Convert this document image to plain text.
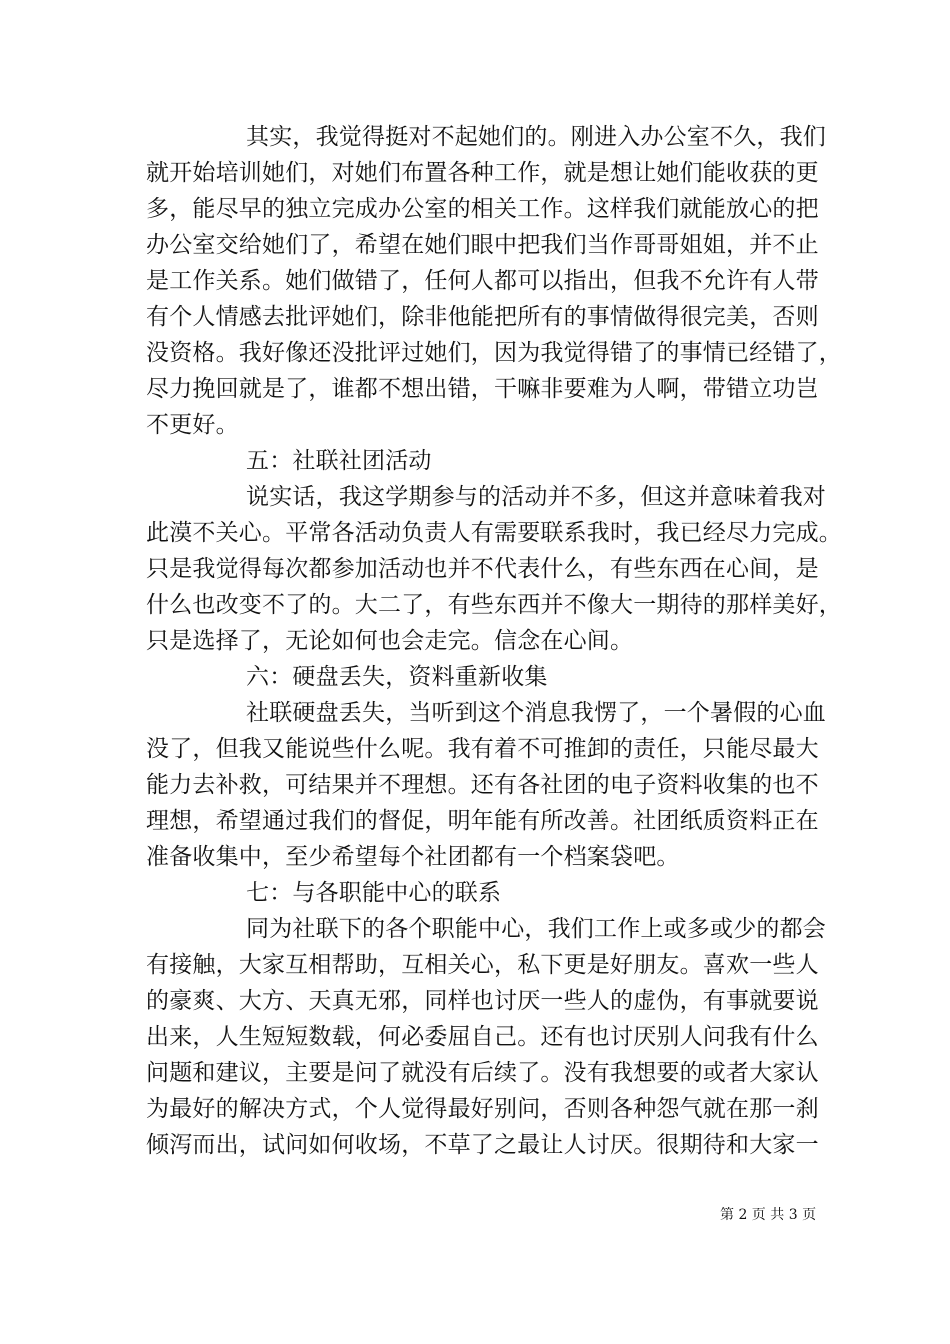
其实，我觉得挺对不起她们的。刚进入办公室不久，我们
就开始培训她们，对她们布置各种工作，就是想让她们能收获的更
多，能尽早的独立完成办公室的相关工作。这样我们就能放心的把
办公室交给她们了，希望在她们眼中把我们当作哥哥姐姐，并不止
是工作关系。她们做错了，任何人都可以指出，但我不允许有人带
有个人情感去批评她们，除非他能把所有的事情做得很完美，否则
没资格。我好像还没批评过她们，因为我觉得错了的事情已经错了，
尽力挽回就是了，谁都不想出错，干嘛非要难为人啊，带错立功岂
不更好。
五：社联社团活动
说实话，我这学期参与的活动并不多，但这并意味着我对
此漠不关心。平常各活动负责人有需要联系我时，我已经尽力完成。
只是我觉得每次都参加活动也并不代表什么，有些东西在心间，是
什么也改变不了的。大二了，有些东西并不像大一期待的那样美好，
只是选择了，无论如何也会走完。信念在心间。
六：硬盘丢失，资料重新收集
社联硬盘丢失，当听到这个消息我愣了，一个暑假的心血
没了，但我又能说些什么呢。我有着不可推卸的责任，只能尽最大
能力去补救，可结果并不理想。还有各社团的电子资料收集的也不
理想，希望通过我们的督促，明年能有所改善。社团纸质资料正在
准备收集中，至少希望每个社团都有一个档案袋吧。
七：与各职能中心的联系
同为社联下的各个职能中心，我们工作上或多或少的都会
有接触，大家互相帮助，互相关心，私下更是好朋友。喜欢一些人
的豪爽、大方、天真无邪，同样也讨厌一些人的虚伪，有事就要说
出来，人生短短数载，何必委屈自己。还有也讨厌别人问我有什么
问题和建议，主要是问了就没有后续了。没有我想要的或者大家认
为最好的解决方式，个人觉得最好别问，否则各种怨气就在那一刹
倾泻而出，试问如何收场，不草了之最让人讨厌。很期待和大家一
第 2 页 共 3 页
